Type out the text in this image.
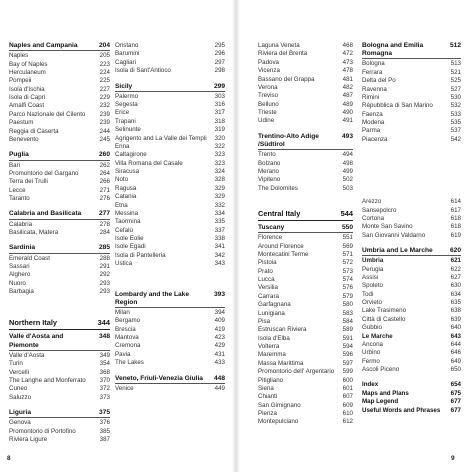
Naples and Campania	204
Naples	205
Bay of Naples	223
Herculaneum	224
Pompeii	225
Isola d'Ischia	227
Isola di Capri	229
Amalfi Coast	232
Parco Nazionale del Cilento	239
Paestum	239
Reggia di Caserta	244
Benevento	245
Puglia	260
Bari	262
Promontorio del Gargano	264
Terra dei Trulli	266
Lecce	271
Taranto	276
Calabria and Basilicata	277
Calabria	278
Basilicata, Matera	284
Sardinia	285
Emerald Coast	288
Sassari	291
Alghero	292
Nuoro	293
Barbagia	293
Northern Italy	344
Valle d'Aosta and Piemonte
348
Valle d'Aosta	349
Turin	354
Vercelli	368
The Langhe and Monferrato	370
Cuneo	372
Saluzzo	373
Liguria	375
Genova	376
Promontorio di Portofino	385
Riviera Ligure	387
Oristano	295
Barumini	296
Cagliari	297
Isola di Sant'Antioco	298
Sicily	299
Palermo	303
Segesta	316
Erice	317
Trapani	318
Selinunte	319
Agrigento and La Valle dei Templi	320
Enna	322
Caltagirone	323
Villa Romana del Casale	323
Siracusa	324
Noto	328
Ragusa	329
Catania	329
Etna	332
Messina	334
Taormina	335
Cefalù	337
Isole Eolie	338
Isole Egadi	341
Isola di Pantelleria	342
Ustica	343
Lombardy and the Lake Region
393
Milan	394
Bergamo	409
Brescia	419
Mantova	423
Cremona	429
Pavia	431
The Lakes	433
Veneto, Friuli-Venezia Giulia	448
Venice	449
Laguna Veneta	468
Riviera del Brenta	472
Padova	473
Vicenza	478
Bassano del Grappa	481
Verona	482
Treviso	487
Belluno	489
Trieste	490
Udine	491
Trentino-Alto Adige /Südtirol
493
Trento	494
Bolzano	498
Merano	499
Vipiteno	502
The Dolomites	503
Central Italy	544
Tuscany	550
Florence	551
Around Florence	569
Montecatini Terme	571
Pistoia	572
Prato	573
Lucca	574
Versilia	576
Carrara	579
Garfagnana	580
Lunigiana	583
Pisa	584
Estruscan Riviera	589
Isola d'Elba	591
Volterra	594
Maremma	596
Massa Marittima	597
Promontorio dell' Argentario	599
Pitigliano	600
Siena	601
Chianti	607
San Gimignano	609
Pienza	610
Montepulciano	612
Bologna and Emilia Romagna
512
Bologna	513
Ferrara	521
Delta del Po	525
Ravenna	527
Rimini	530
Rèpubblica di San Marino	532
Faenza	533
Modena	535
Parma	537
Piacenza	542
Arezzo	614
Sansepolcro	617
Cortona	618
Monte San Savino	618
San Giovanni Valdarno	619
Umbria and Le Marche	620
Umbria	621
Perugia	622
Assisi	627
Spoleto	630
Todi	634
Orvieto	635
Lake Trasimeno	638
Città di Castello	639
Gubbio	640
Le Marche	643
Ancona	644
Urbino	646
Fermo	649
Ascoli Piceno	650
Index	654
Maps and Plans	675
Map Legend	677
Useful Words and Phrases	677
8	9
